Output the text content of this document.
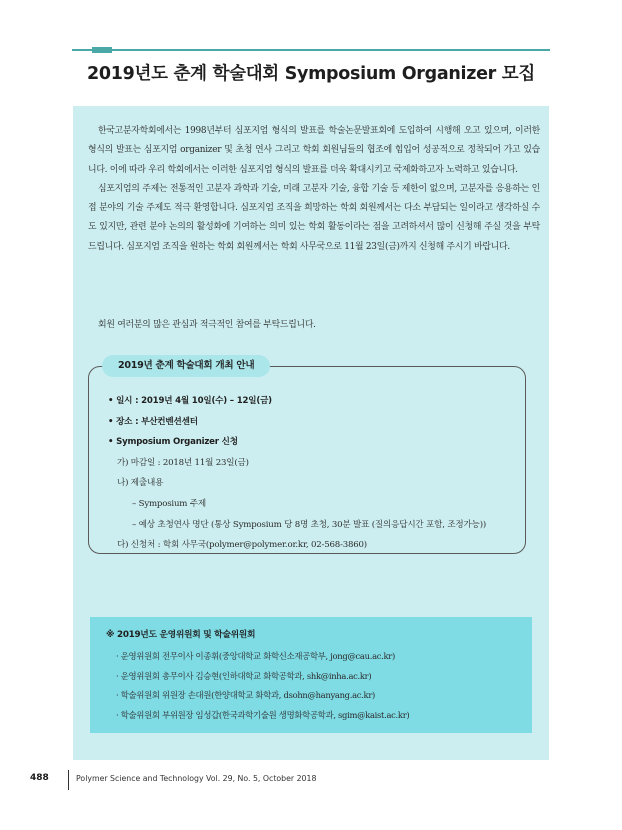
2019년도 춘계 학술대회 Symposium Organizer 모집

한국고분자학회에서는 1998년부터 심포지엄 형식의 발표를 학술논문발표회에 도입하여 시행해 오고 있으며, 이러한 형식의 발표는 심포지엄 organizer 및 초청 연사 그리고 학회 회원님들의 협조에 힘입어 성공적으로 정착되어 가고 있습니다. 이에 따라 우리 학회에서는 이러한 심포지엄 형식의 발표를 더욱 확대시키고 국제화하고자 노력하고 있습니다.

심포지엄의 주제는 전통적인 고분자 과학과 기술, 미래 고분자 기술, 융합 기술 등 제한이 없으며, 고분자를 응용하는 인접 분야의 기술 주제도 적극 환영합니다. 심포지엄 조직을 희망하는 학회 회원께서는 다소 부담되는 일이라고 생각하실 수도 있지만, 관련 분야 논의의 활성화에 기여하는 의미 있는 학회 활동이라는 점을 고려하셔서 많이 신청해 주실 것을 부탁 드립니다. 심포지엄 조직을 원하는 학회 회원께서는 학회 사무국으로 11월 23일(금)까지 신청해 주시기 바랍니다.

회원 여러분의 많은 관심과 적극적인 참여를 부탁드립니다.
2019년 춘계 학술대회 개최 안내
• 일시 : 2019년 4월 10일(수) – 12일(금)
• 장소 : 부산컨벤션센터
• Symposium Organizer 신청
가) 마감일 : 2018년 11월 23일(금)
나) 제출내용
– Symposium 주제
– 예상 초청연사 명단 (통상 Symposium 당 8명 초청, 30분 발표 (질의응답시간 포함, 조정가능))
다) 신청처 : 학회 사무국(polymer@polymer.or.kr, 02-568-3860)
※ 2019년도 운영위원회 및 학술위원회
· 운영위원회 전무이사 이종휘(중앙대학교 화학신소재공학부, jong@cau.ac.kr)
· 운영위원회 총무이사 김승현(인하대학교 화학공학과, shk@inha.ac.kr)
· 학술위원회 위원장 손대원(한양대학교 화학과, dsohn@hanyang.ac.kr)
· 학술위원회 부위원장 임성갑(한국과학기술원 생명화학공학과, sgim@kaist.ac.kr)
488	Polymer Science and Technology Vol. 29, No. 5, October 2018
